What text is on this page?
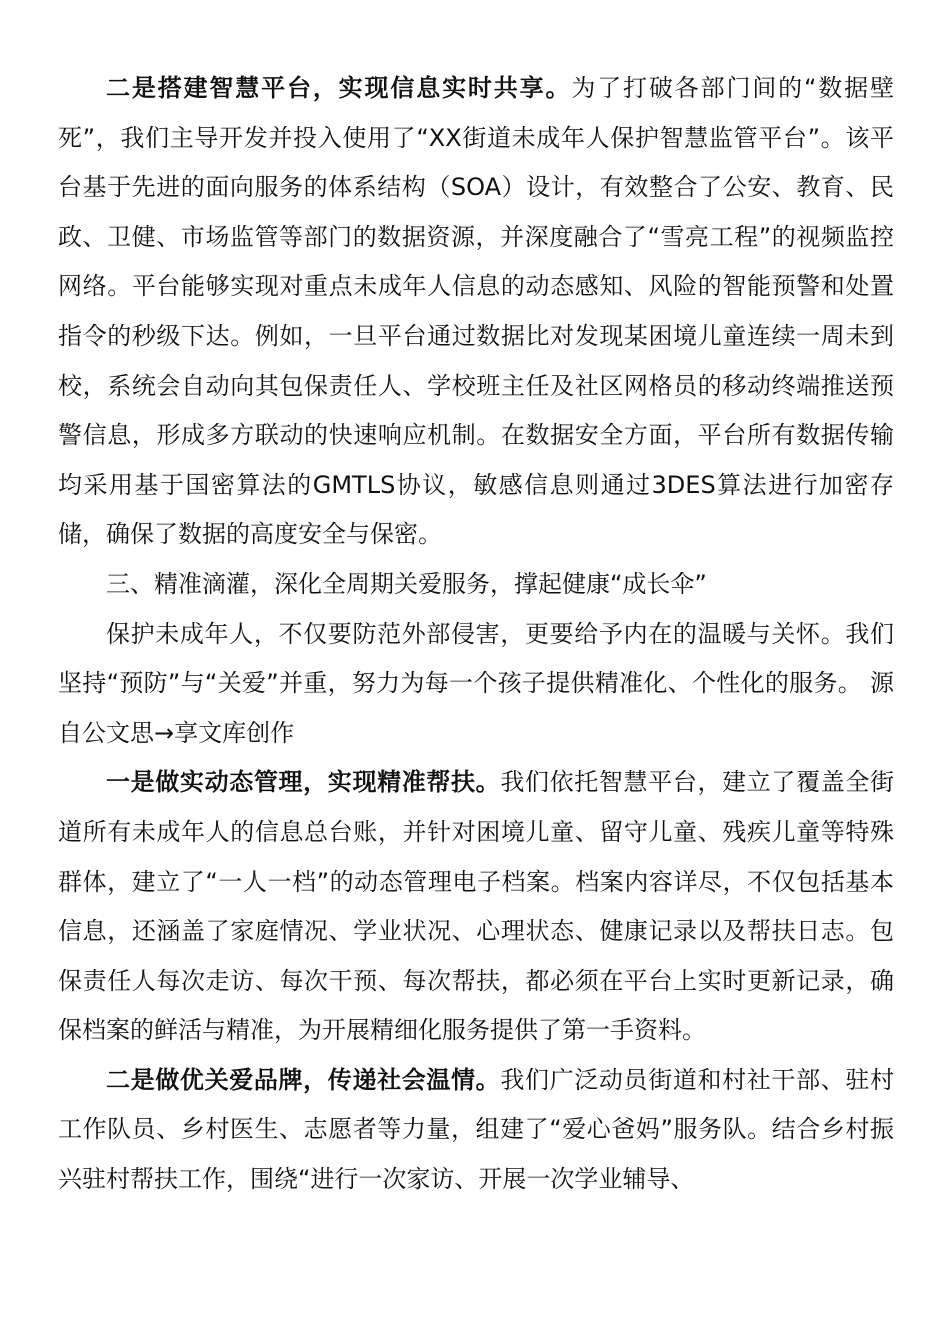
二是搭建智慧平台，实现信息实时共享。为了打破各部门间的“数据壁死”，我们主导开发并投入使用了“XX街道未成年人保护智慧监管平台”。该平台基于先进的面向服务的体系结构（SOA）设计，有效整合了公安、教育、民政、卫健、市场监管等部门的数据资源，并深度融合了“雪亮工程”的视频监控网络。平台能够实现对重点未成年人信息的动态感知、风险的智能预警和处置指令的秒级下达。例如，一旦平台通过数据比对发现某困境儿童连续一周未到校，系统会自动向其包保责任人、学校班主任及社区网格员的移动终端推送预警信息，形成多方联动的快速响应机制。在数据安全方面，平台所有数据传输均采用基于国密算法的GMTLS协议，敏感信息则通过3DES算法进行加密存储，确保了数据的高度安全与保密。

三、精准滴灌，深化全周期关爱服务，撑起健康“成长伞”

保护未成年人，不仅要防范外部侵害，更要给予内在的温暖与关怀。我们坚持“预防”与“关爱”并重，努力为每一个孩子提供精准化、个性化的服务。 源自公文思→享文库创作

一是做实动态管理，实现精准帮扶。我们依托智慧平台，建立了覆盖全街道所有未成年人的信息总台账，并针对困境儿童、留守儿童、残疾儿童等特殊群体，建立了“一人一档”的动态管理电子档案。档案内容详尽，不仅包括基本信息，还涵盖了家庭情况、学业状况、心理状态、健康记录以及帮扶日志。包保责任人每次走访、每次干预、每次帮扶，都必须在平台上实时更新记录，确保档案的鲜活与精准，为开展精细化服务提供了第一手资料。

二是做优关爱品牌，传递社会温情。我们广泛动员街道和村社干部、驻村工作队员、乡村医生、志愿者等力量，组建了“爱心爸妈”服务队。结合乡村振兴驻村帮扶工作，围绕“进行一次家访、开展一次学业辅导、
